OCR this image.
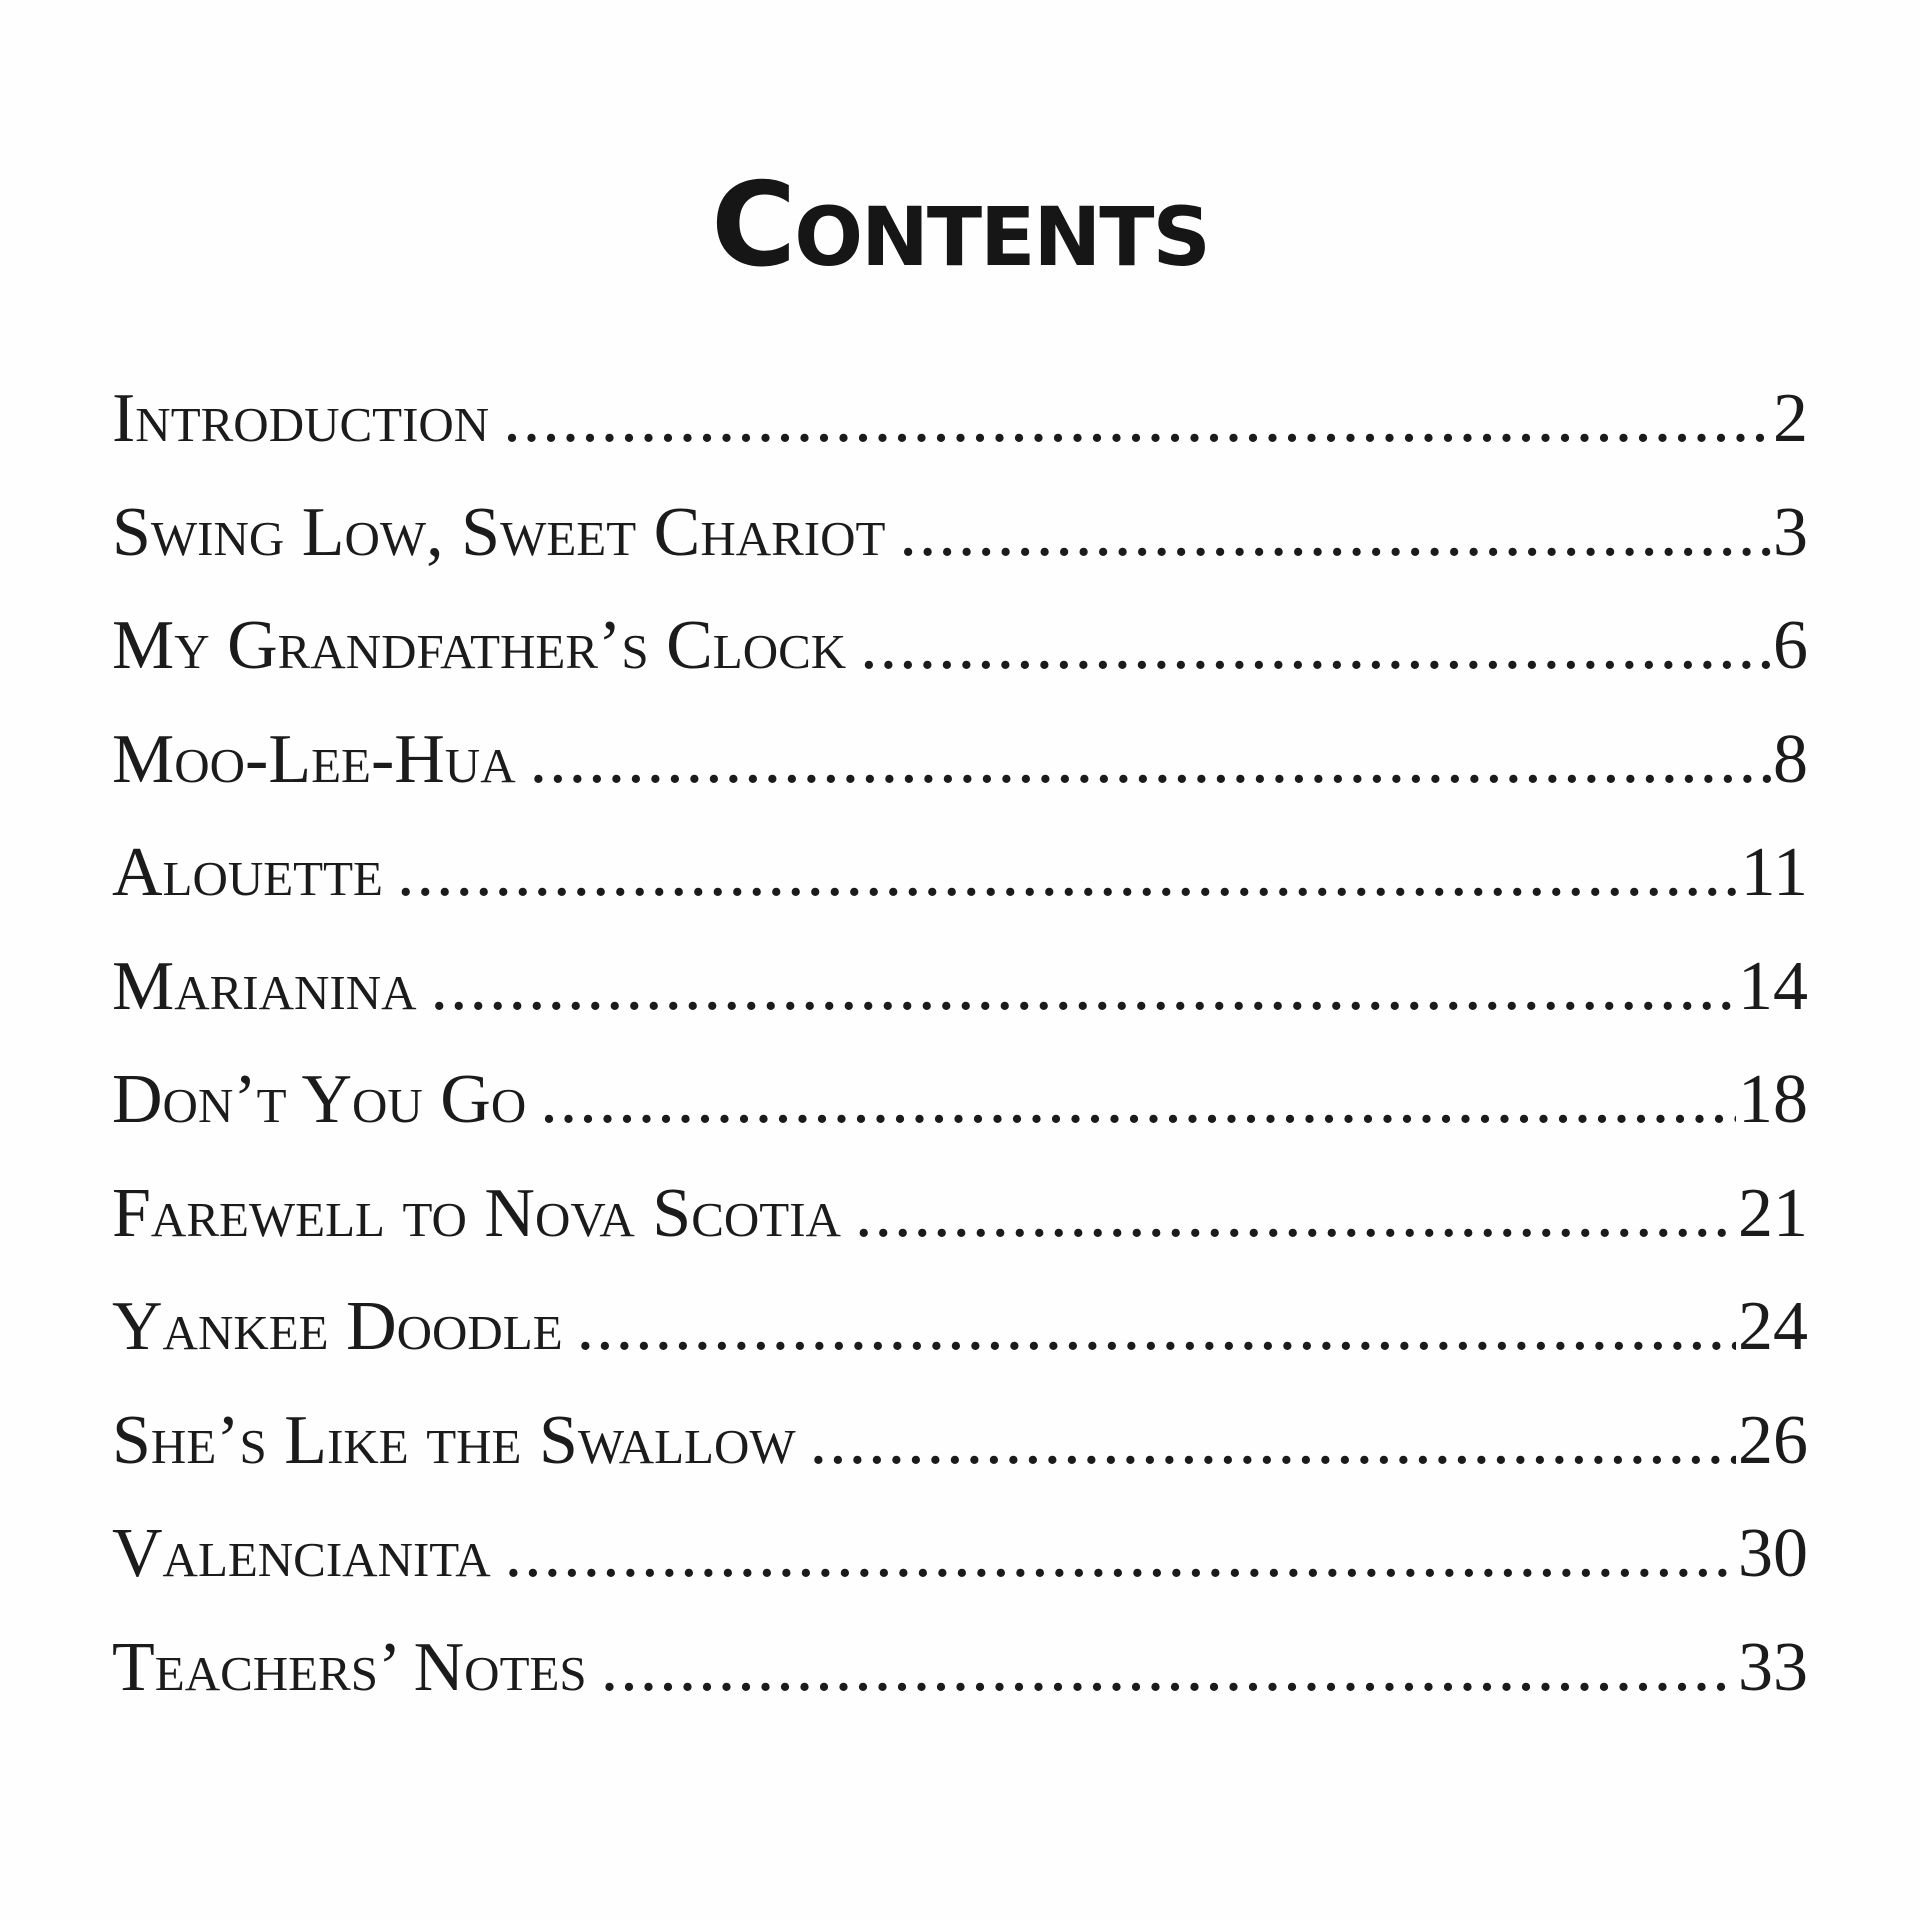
Contents
Introduction .....	2
Swing Low, Sweet Chariot .....	3
My Grandfather’s Clock .....	6
Moo-Lee-Hua .....	8
Alouette .....	11
Marianina .....	14
Don’t You Go .....	18
Farewell to Nova Scotia .....	21
Yankee Doodle .....	24
She’s Like the Swallow .....	26
Valencianita .....	30
Teachers’ Notes .....	33
